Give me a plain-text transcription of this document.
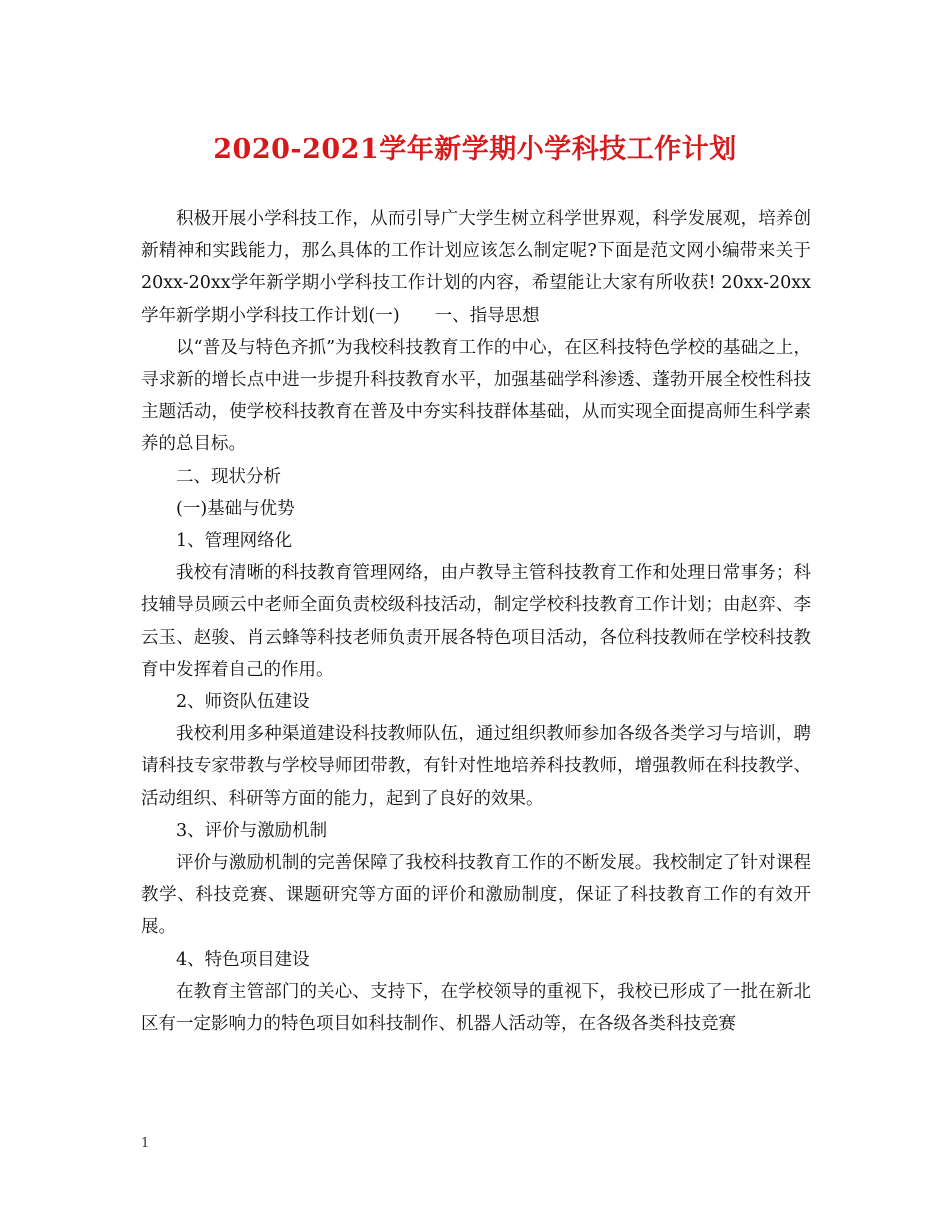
2020-2021学年新学期小学科技工作计划

积极开展小学科技工作，从而引导广大学生树立科学世界观，科学发展观，培养创新精神和实践能力，那么具体的工作计划应该怎么制定呢?下面是范文网小编带来关于20xx-20xx学年新学期小学科技工作计划的内容，希望能让大家有所收获! 20xx-20xx学年新学期小学科技工作计划(一)　　一、指导思想

以“普及与特色齐抓”为我校科技教育工作的中心，在区科技特色学校的基础之上，寻求新的增长点中进一步提升科技教育水平，加强基础学科渗透、蓬勃开展全校性科技主题活动，使学校科技教育在普及中夯实科技群体基础，从而实现全面提高师生科学素养的总目标。

二、现状分析

(一)基础与优势

1、管理网络化

我校有清晰的科技教育管理网络，由卢教导主管科技教育工作和处理日常事务；科技辅导员顾云中老师全面负责校级科技活动，制定学校科技教育工作计划；由赵弈、李云玉、赵骏、肖云蜂等科技老师负责开展各特色项目活动，各位科技教师在学校科技教育中发挥着自己的作用。

2、师资队伍建设

我校利用多种渠道建设科技教师队伍，通过组织教师参加各级各类学习与培训，聘请科技专家带教与学校导师团带教，有针对性地培养科技教师，增强教师在科技教学、活动组织、科研等方面的能力，起到了良好的效果。

3、评价与激励机制

评价与激励机制的完善保障了我校科技教育工作的不断发展。我校制定了针对课程教学、科技竞赛、课题研究等方面的评价和激励制度，保证了科技教育工作的有效开展。

4、特色项目建设

在教育主管部门的关心、支持下，在学校领导的重视下，我校已形成了一批在新北区有一定影响力的特色项目如科技制作、机器人活动等，在各级各类科技竞赛

1
